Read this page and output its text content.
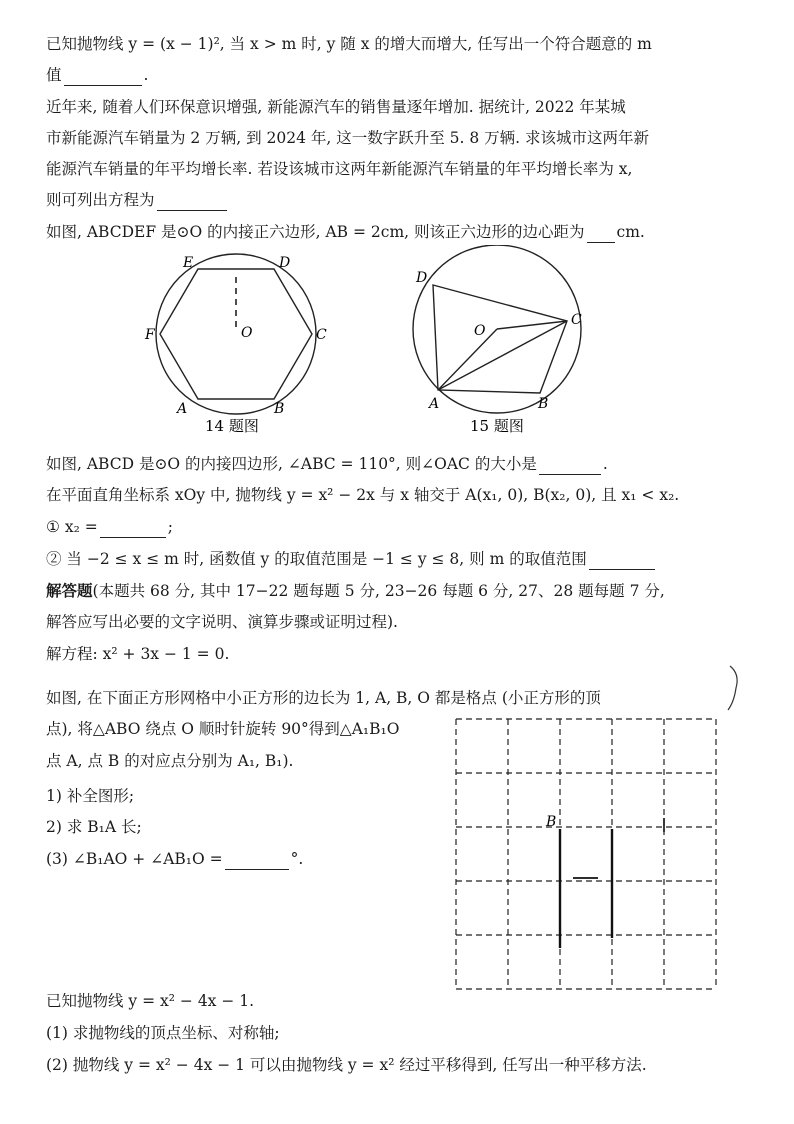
已知抛物线 y = (x − 1)², 当 x > m 时, y 随 x 的增大而增大, 任写出一个符合题意的 m
值	.
近年来, 随着人们环保意识增强, 新能源汽车的销售量逐年增加. 据统计, 2022 年某城
市新能源汽车销量为 2 万辆, 到 2024 年, 这一数字跃升至 5. 8 万辆. 求该城市这两年新
能源汽车销量的年平均增长率. 若设该城市这两年新能源汽车销量的年平均增长率为 x,
则可列出方程为
如图, ABCDEF 是⊙O 的内接正六边形, AB = 2cm, 则该正六边形的边心距为 cm.
E	D
F	C
A	B
O
14 题图
D
O
C
A	B
15 题图
如图, ABCD 是⊙O 的内接四边形, ∠ABC = 110°, 则∠OAC 的大小是	.
在平面直角坐标系 xOy 中, 抛物线 y = x² − 2x 与 x 轴交于 A(x₁, 0), B(x₂, 0), 且 x₁ < x₂.
① x₂ =	;
② 当 −2 ≤ x ≤ m 时, 函数值 y 的取值范围是 −1 ≤ y ≤ 8, 则 m 的取值范围
解答题(本题共 68 分, 其中 17−22 题每题 5 分, 23−26 每题 6 分, 27、28 题每题 7 分,
解答应写出必要的文字说明、演算步骤或证明过程).
解方程: x² + 3x − 1 = 0.
如图, 在下面正方形网格中小正方形的边长为 1, A, B, O 都是格点 (小正方形的顶
点), 将△ABO 绕点 O 顺时针旋转 90°得到△A₁B₁O
点 A, 点 B 的对应点分别为 A₁, B₁).
1) 补全图形;
2) 求 B₁A 长;
(3) ∠B₁AO + ∠AB₁O =	°.
B
已知抛物线 y = x² − 4x − 1.
(1) 求抛物线的顶点坐标、对称轴;
(2) 抛物线 y = x² − 4x − 1 可以由抛物线 y = x² 经过平移得到, 任写出一种平移方法.
